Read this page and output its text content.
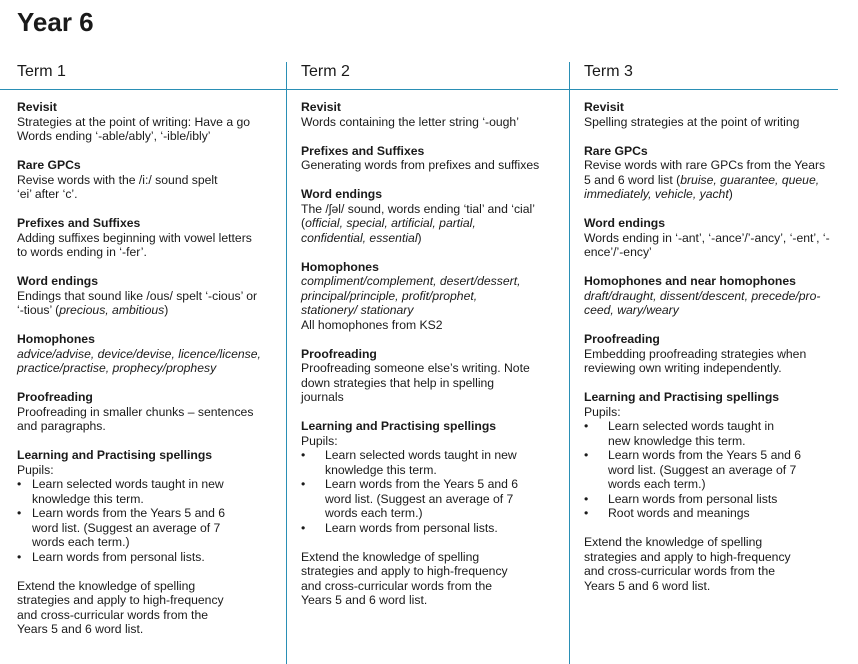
Year 6
Term 1
Revisit

Strategies at the point of writing: Have a go

Words ending ‘-able/ably’, ‘-ible/ibly’

Rare GPCs

Revise words with the /i:/ sound spelt

‘ei’ after ‘c’.

Prefixes and Suffixes

Adding suffixes beginning with vowel letters

to words ending in ‘-fer’.

Word endings

Endings that sound like /ous/ spelt ‘-cious’ or

‘-tious’ (precious, ambitious)

Homophones

advice/advise, device/devise, licence/license,

practice/practise, prophecy/prophesy

Proofreading

Proofreading in smaller chunks – sentences

and paragraphs.

Learning and Practising spellings

Pupils:

• Learn selected words taught in new
knowledge this term.
• Learn words from the Years 5 and 6
word list. (Suggest an average of 7
words each term.)
• Learn words from personal lists.

Extend the knowledge of spelling

strategies and apply to high-frequency

and cross-curricular words from the

Years 5 and 6 word list.

Term 2
Revisit

Words containing the letter string ‘-ough’

Prefixes and Suffixes

Generating words from prefixes and suffixes

Word endings

The /ʃəl/ sound, words ending ‘tial’ and ‘cial’

(official, special, artificial, partial,

confidential, essential)

Homophones

compliment/complement, desert/dessert,

principal/principle, profit/prophet,

stationery/ stationary

All homophones from KS2

Proofreading

Proofreading someone else’s writing. Note

down strategies that help in spelling

journals

Learning and Practising spellings

Pupils:

• Learn selected words taught in new
knowledge this term.
• Learn words from the Years 5 and 6
word list. (Suggest an average of 7
words each term.)
• Learn words from personal lists.

Extend the knowledge of spelling

strategies and apply to high-frequency

and cross-curricular words from the

Years 5 and 6 word list.

Term 3
Revisit

Spelling strategies at the point of writing

Rare GPCs

Revise words with rare GPCs from the Years

5 and 6 word list (bruise, guarantee, queue,

immediately, vehicle, yacht)

Word endings

Words ending in ‘-ant’, ‘-ance’/’-ancy’, ‘-ent’, ‘-

ence’/’-ency’

Homophones and near homophones

draft/draught, dissent/descent, precede/pro-

ceed, wary/weary

Proofreading

Embedding proofreading strategies when

reviewing own writing independently.

Learning and Practising spellings

Pupils:

• Learn selected words taught in
new knowledge this term.
• Learn words from the Years 5 and 6
word list. (Suggest an average of 7
words each term.)
• Learn words from personal lists
• Root words and meanings

Extend the knowledge of spelling

strategies and apply to high-frequency

and cross-curricular words from the

Years 5 and 6 word list.
